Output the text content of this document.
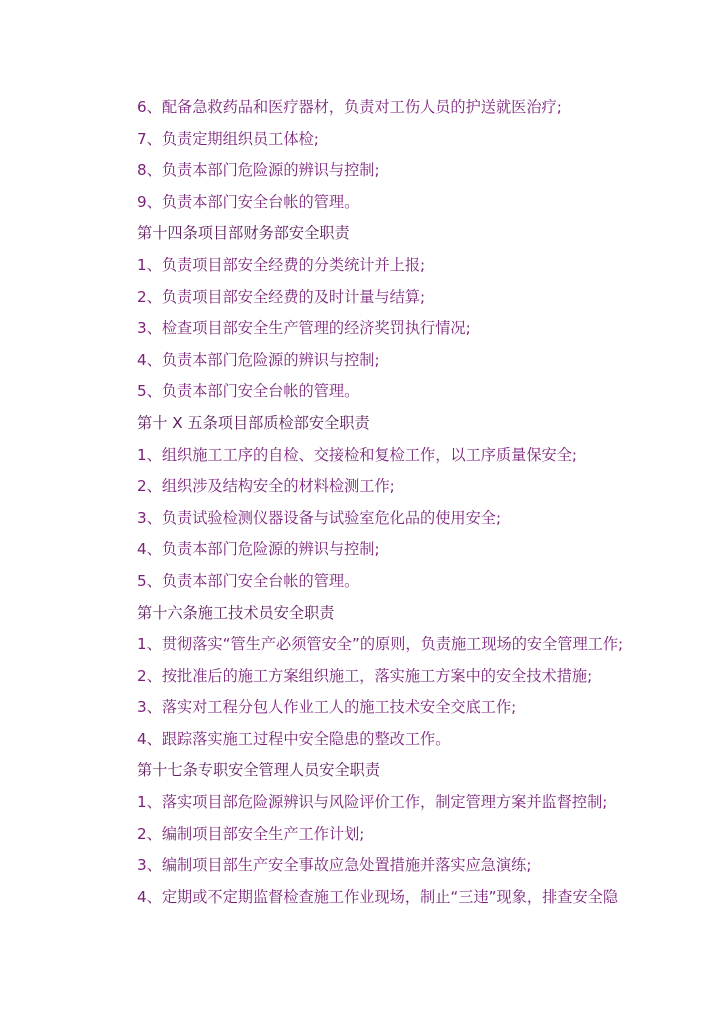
6、配备急救药品和医疗器材，负责对工伤人员的护送就医治疗;
7、负责定期组织员工体检;
8、负责本部门危险源的辨识与控制;
9、负责本部门安全台帐的管理。
第十四条项目部财务部安全职责
1、负责项目部安全经费的分类统计并上报;
2、负责项目部安全经费的及时计量与结算;
3、检查项目部安全生产管理的经济奖罚执行情况;
4、负责本部门危险源的辨识与控制;
5、负责本部门安全台帐的管理。
第十 X 五条项目部质检部安全职责
1、组织施工工序的自检、交接检和复检工作，以工序质量保安全;
2、组织涉及结构安全的材料检测工作;
3、负责试验检测仪器设备与试验室危化品的使用安全;
4、负责本部门危险源的辨识与控制;
5、负责本部门安全台帐的管理。
第十六条施工技术员安全职责
1、贯彻落实“管生产必须管安全”的原则，负责施工现场的安全管理工作;
2、按批准后的施工方案组织施工，落实施工方案中的安全技术措施;
3、落实对工程分包人作业工人的施工技术安全交底工作;
4、跟踪落实施工过程中安全隐患的整改工作。
第十七条专职安全管理人员安全职责
1、落实项目部危险源辨识与风险评价工作，制定管理方案并监督控制;
2、编制项目部安全生产工作计划;
3、编制项目部生产安全事故应急处置措施并落实应急演练;
4、定期或不定期监督检查施工作业现场，制止“三违”现象，排查安全隐
